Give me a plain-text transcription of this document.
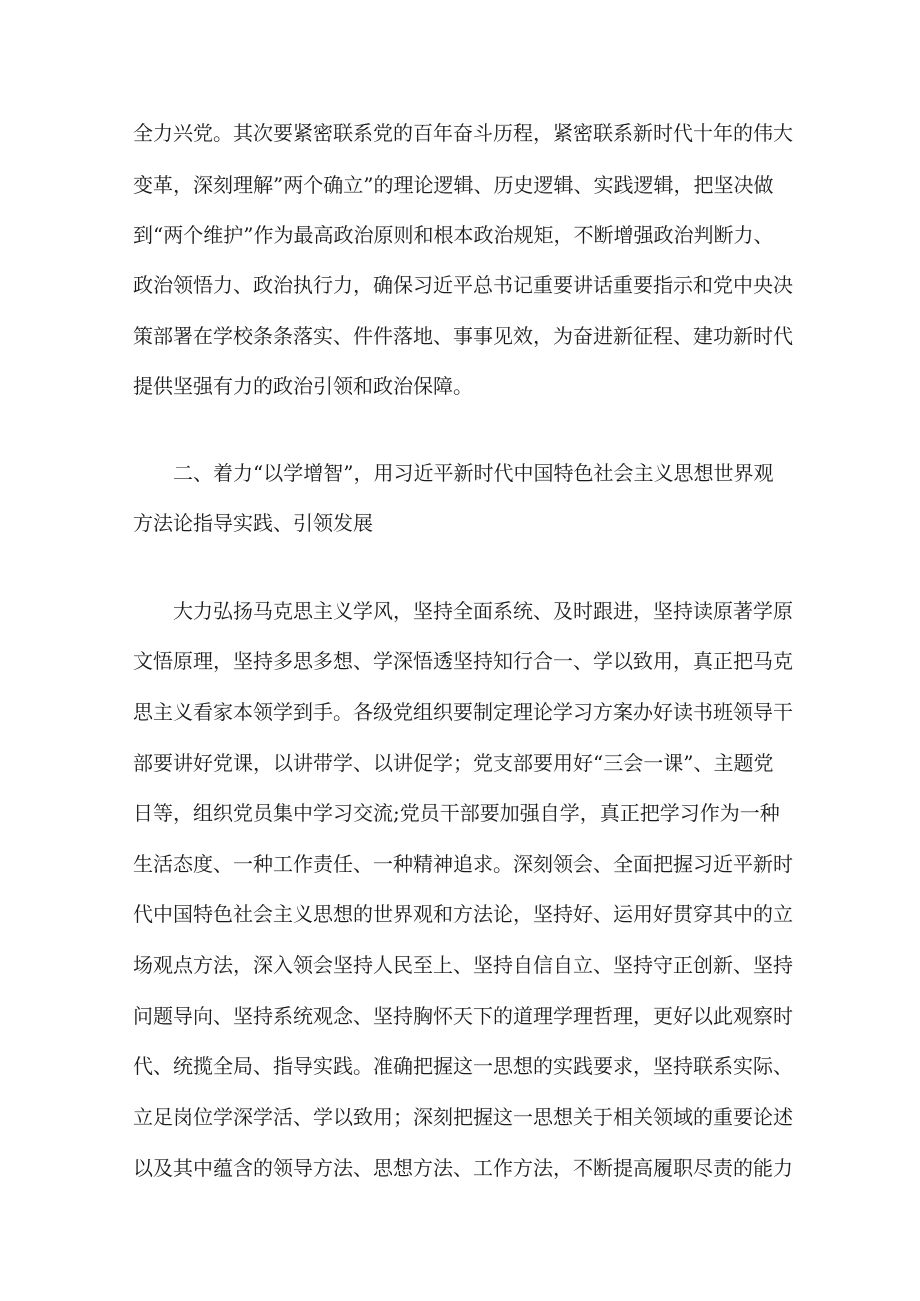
全力兴党。其次要紧密联系党的百年奋斗历程，紧密联系新时代十年的伟大
变革，深刻理解”两个确立”的理论逻辑、历史逻辑、实践逻辑，把坚决做
到“两个维护”作为最高政治原则和根本政治规矩，不断增强政治判断力、
政治领悟力、政治执行力，确保习近平总书记重要讲话重要指示和党中央决
策部署在学校条条落实、件件落地、事事见效，为奋进新征程、建功新时代
提供坚强有力的政治引领和政治保障。
二、着力“以学增智”，用习近平新时代中国特色社会主义思想世界观
方法论指导实践、引领发展
大力弘扬马克思主义学风，坚持全面系统、及时跟进，坚持读原著学原
文悟原理，坚持多思多想、学深悟透坚持知行合一、学以致用，真正把马克
思主义看家本领学到手。各级党组织要制定理论学习方案办好读书班领导干
部要讲好党课，以讲带学、以讲促学；党支部要用好“三会一课”、主题党
日等，组织党员集中学习交流;党员干部要加强自学，真正把学习作为一种
生活态度、一种工作责任、一种精神追求。深刻领会、全面把握习近平新时
代中国特色社会主义思想的世界观和方法论，坚持好、运用好贯穿其中的立
场观点方法，深入领会坚持人民至上、坚持自信自立、坚持守正创新、坚持
问题导向、坚持系统观念、坚持胸怀天下的道理学理哲理，更好以此观察时
代、统揽全局、指导实践。准确把握这一思想的实践要求，坚持联系实际、
立足岗位学深学活、学以致用；深刻把握这一思想关于相关领域的重要论述
以及其中蕴含的领导方法、思想方法、工作方法，不断提高履职尽责的能力
